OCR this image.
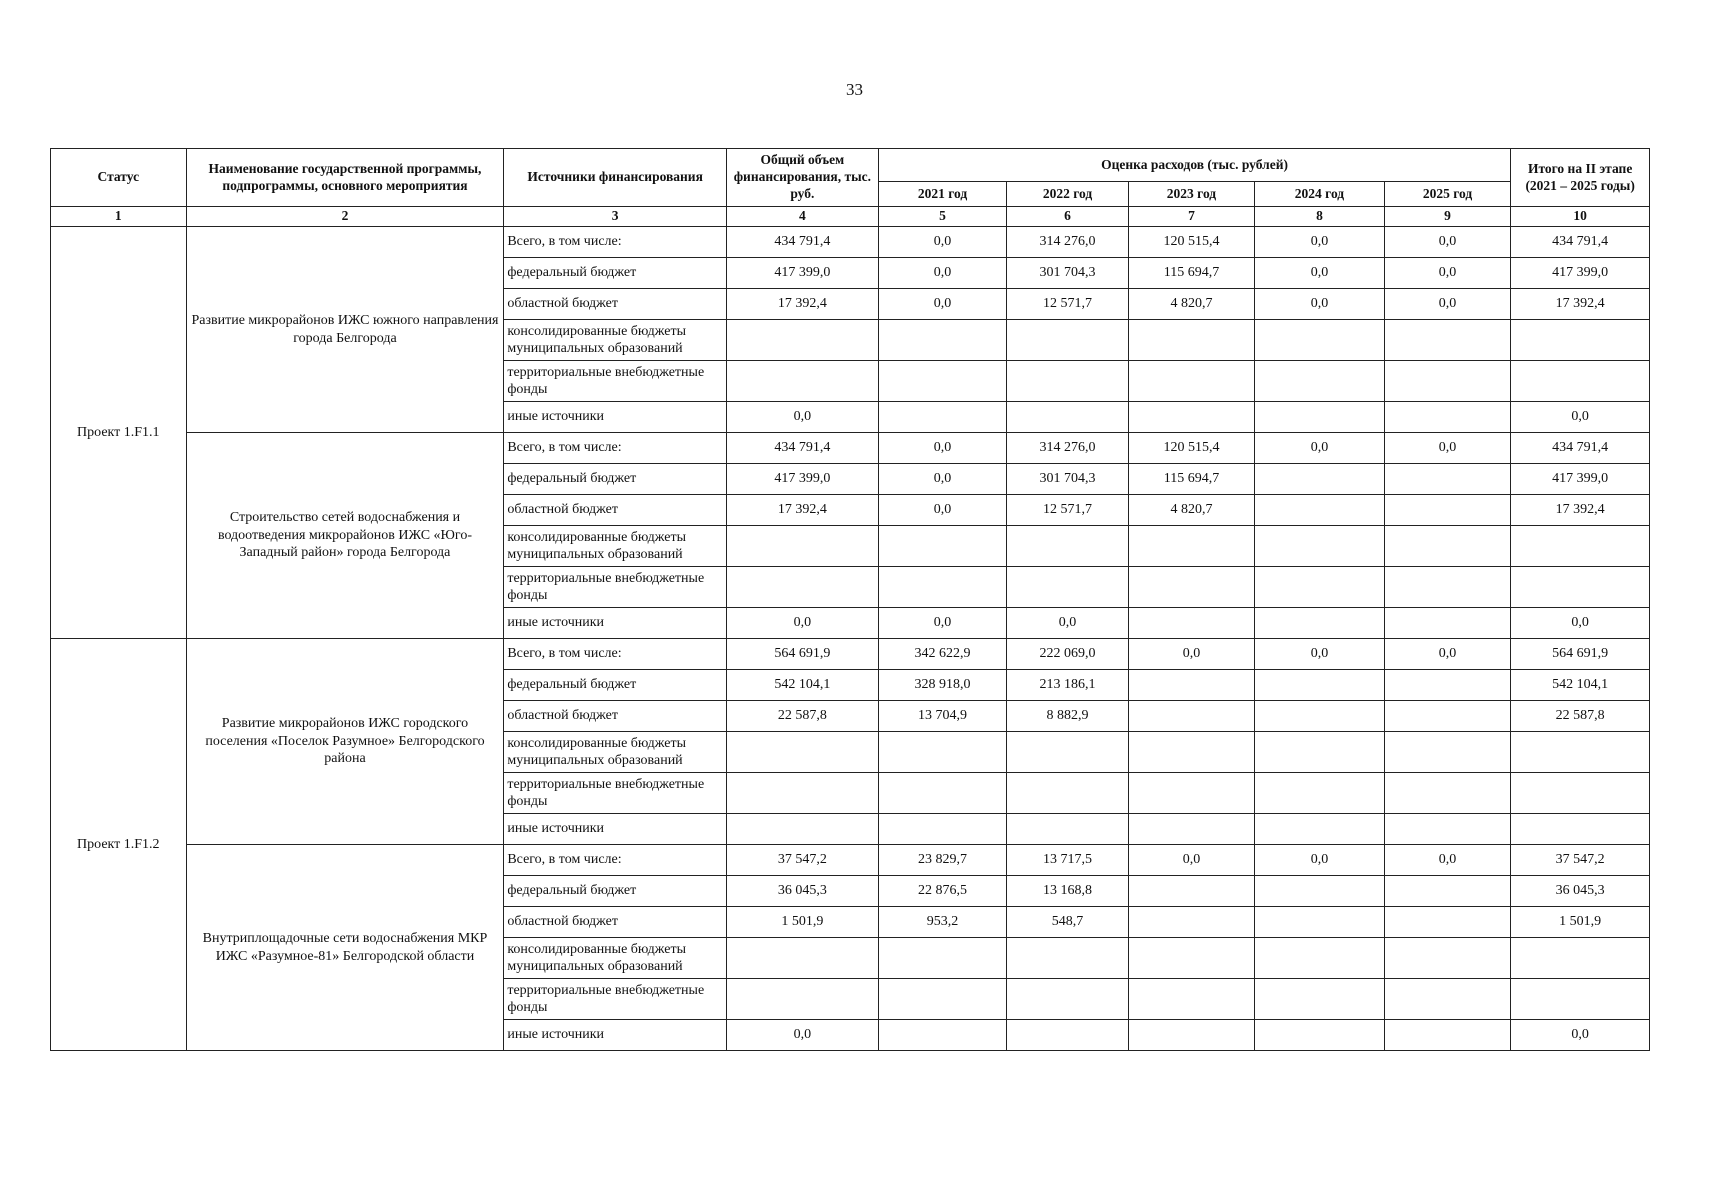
33
Статус	Наименование государственной программы, подпрограммы, основного мероприятия	Источники финансирования	Общий объем финансирования, тыс. руб.	Оценка расходов (тыс. рублей)					Итого на II этапе (2021 – 2025 годы)
				2021 год	2022 год	2023 год	2024 год	2025 год	
1	2	3	4	5	6	7	8	9	10
Проект 1.F1.1	Развитие микрорайонов ИЖС южного направления города Белгорода	Всего, в том числе:	434 791,4	0,0	314 276,0	120 515,4	0,0	0,0	434 791,4
		федеральный бюджет	417 399,0	0,0	301 704,3	115 694,7	0,0	0,0	417 399,0
		областной бюджет	17 392,4	0,0	12 571,7	4 820,7	0,0	0,0	17 392,4
		консолидированные бюджеты муниципальных образований							
		территориальные внебюджетные фонды							
		иные источники	0,0						0,0
	Строительство сетей водоснабжения и водоотведения микрорайонов ИЖС «Юго-Западный район» города Белгорода	Всего, в том числе:	434 791,4	0,0	314 276,0	120 515,4	0,0	0,0	434 791,4
		федеральный бюджет	417 399,0	0,0	301 704,3	115 694,7			417 399,0
		областной бюджет	17 392,4	0,0	12 571,7	4 820,7			17 392,4
		консолидированные бюджеты муниципальных образований							
		территориальные внебюджетные фонды							
		иные источники	0,0	0,0	0,0				0,0
Проект 1.F1.2	Развитие микрорайонов ИЖС городского поселения «Поселок Разумное» Белгородского района	Всего, в том числе:	564 691,9	342 622,9	222 069,0	0,0	0,0	0,0	564 691,9
		федеральный бюджет	542 104,1	328 918,0	213 186,1				542 104,1
		областной бюджет	22 587,8	13 704,9	8 882,9				22 587,8
		консолидированные бюджеты муниципальных образований							
		территориальные внебюджетные фонды							
		иные источники							
	Внутриплощадочные сети водоснабжения МКР ИЖС «Разумное-81» Белгородской области	Всего, в том числе:	37 547,2	23 829,7	13 717,5	0,0	0,0	0,0	37 547,2
		федеральный бюджет	36 045,3	22 876,5	13 168,8				36 045,3
		областной бюджет	1 501,9	953,2	548,7				1 501,9
		консолидированные бюджеты муниципальных образований							
		территориальные внебюджетные фонды							
		иные источники	0,0						0,0
